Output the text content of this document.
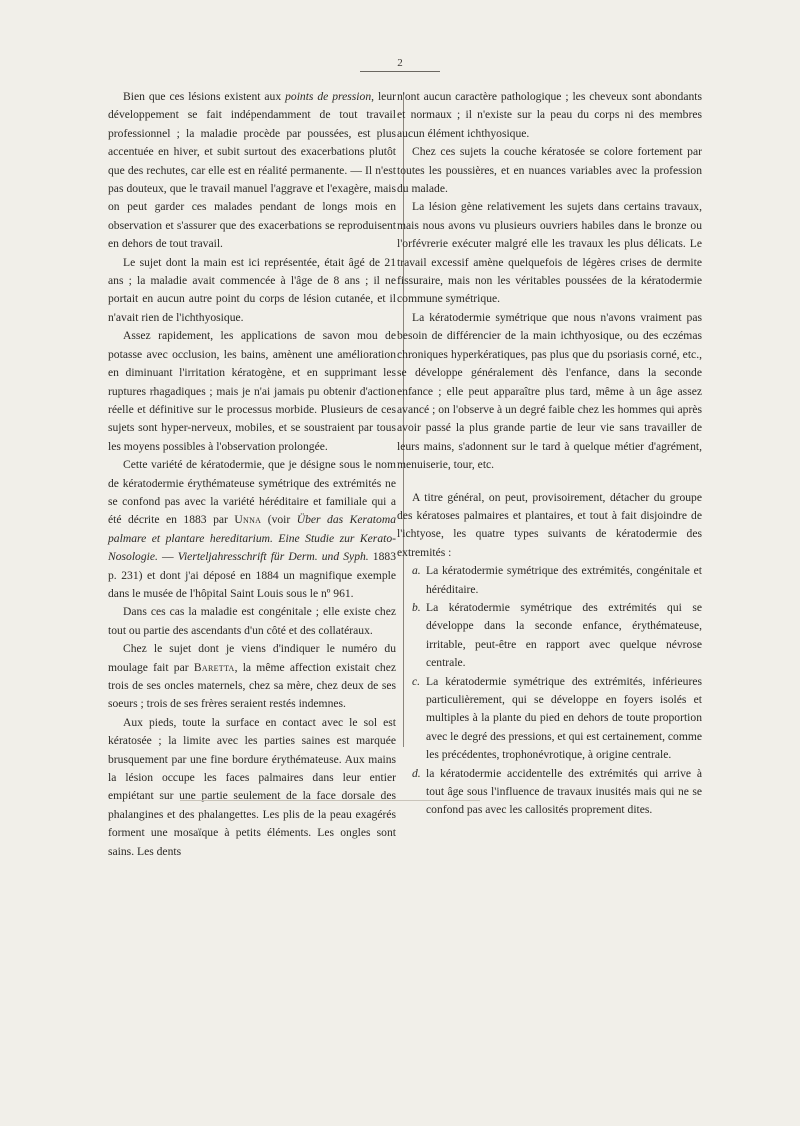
2

Bien que ces lésions existent aux points de pression, leur développement se fait indépendamment de tout travail professionnel ; la maladie procède par poussées, est plus accentuée en hiver, et subit surtout des exacerbations plutôt que des rechutes, car elle est en réalité permanente. — Il n'est pas douteux, que le travail manuel l'aggrave et l'exagère, mais on peut garder ces malades pendant de longs mois en observation et s'assurer que des exacerbations se reproduisent en dehors de tout travail.

Le sujet dont la main est ici représentée, était âgé de 21 ans ; la maladie avait commencée à l'âge de 8 ans ; il ne portait en aucun autre point du corps de lésion cutanée, et il n'avait rien de l'ichthyosique.

Assez rapidement, les applications de savon mou de potasse avec occlusion, les bains, amènent une amélioration en diminuant l'irritation kératogène, et en supprimant les ruptures rhagadiques ; mais je n'ai jamais pu obtenir d'action réelle et définitive sur le processus morbide. Plusieurs de ces sujets sont hyper-nerveux, mobiles, et se soustraient par tous les moyens possibles à l'observation prolongée.

Cette variété de kératodermie, que je désigne sous le nom de kératodermie érythémateuse symétrique des extrémités ne se confond pas avec la variété héréditaire et familiale qui a été décrite en 1883 par Unna (voir Über das Keratoma palmare et plantare hereditarium. Eine Studie zur Kerato-Nosologie. — Vierteljahresschrift für Derm. und Syph. 1883 p. 231) et dont j'ai déposé en 1884 un magnifique exemple dans le musée de l'hôpital Saint Louis sous le nº 961.

Dans ces cas la maladie est congénitale ; elle existe chez tout ou partie des ascendants d'un côté et des collatéraux.

Chez le sujet dont je viens d'indiquer le numéro du moulage fait par Baretta, la même affection existait chez trois de ses oncles maternels, chez sa mère, chez deux de ses soeurs ; trois de ses frères seraient restés indemnes.

Aux pieds, toute la surface en contact avec le sol est kératosée ; la limite avec les parties saines est marquée brusquement par une fine bordure érythémateuse. Aux mains la lésion occupe les faces palmaires dans leur entier empiétant sur une partie seulement de la face dorsale des phalangines et des phalangettes. Les plis de la peau exagérés forment une mosaïque à petits éléments. Les ongles sont sains. Les dents

n'ont aucun caractère pathologique ; les cheveux sont abondants et normaux ; il n'existe sur la peau du corps ni des membres aucun élément ichthyosique.

Chez ces sujets la couche kératosée se colore fortement par toutes les poussières, et en nuances variables avec la profession du malade.

La lésion gène relativement les sujets dans certains travaux, mais nous avons vu plusieurs ouvriers habiles dans le bronze ou l'orfévrerie exécuter malgré elle les travaux les plus délicats. Le travail excessif amène quelquefois de légères crises de dermite fissuraire, mais non les véritables poussées de la kératodermie commune symétrique.

La kératodermie symétrique que nous n'avons vraiment pas besoin de différencier de la main ichthyosique, ou des eczémas chroniques hyperkératiques, pas plus que du psoriasis corné, etc., se développe généralement dès l'enfance, dans la seconde enfance ; elle peut apparaître plus tard, même à un âge assez avancé ; on l'observe à un degré faible chez les hommes qui après avoir passé la plus grande partie de leur vie sans travailler de leurs mains, s'adonnent sur le tard à quelque métier d'agrément, menuiserie, tour, etc.

A titre général, on peut, provisoirement, détacher du groupe des kératoses palmaires et plantaires, et tout à fait disjoindre de l'ichtyose, les quatre types suivants de kératodermie des extremités :

a. La kératodermie symétrique des extrémités, congénitale et héréditaire.
b. La kératodermie symétrique des extrémités qui se développe dans la seconde enfance, érythémateuse, irritable, peut-être en rapport avec quelque névrose centrale.
c. La kératodermie symétrique des extrémités, inférieures particulièrement, qui se développe en foyers isolés et multiples à la plante du pied en dehors de toute proportion avec le degré des pressions, et qui est certainement, comme les précédentes, trophonévrotique, à origine centrale.
d. la kératodermie accidentelle des extrémités qui arrive à tout âge sous l'influence de travaux inusités mais qui ne se confond pas avec les callosités proprement dites.
